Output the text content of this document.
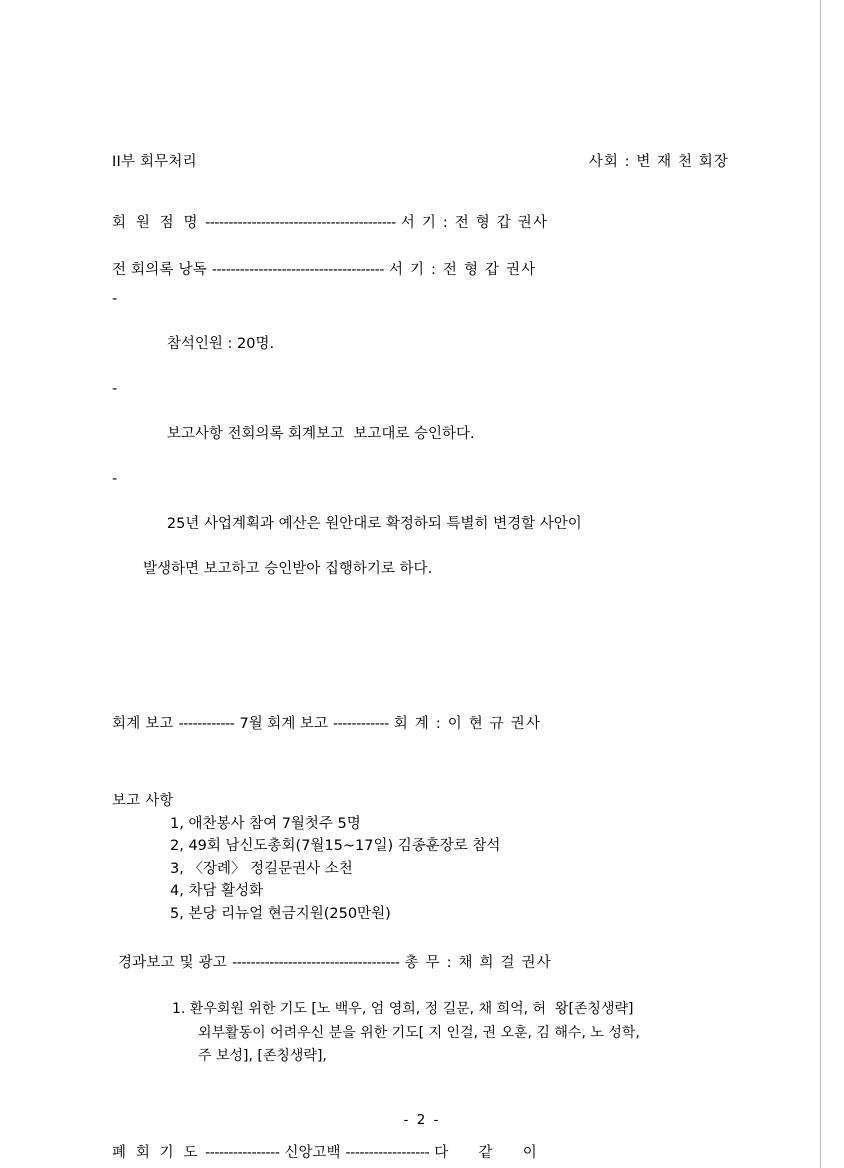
II부 회무처리	사회 : 변 재 천 회장
회 원 점 명 ----------------------------------------- 서 기 : 전 형 갑 권사
전 회의록 낭독 ------------------------------------- 서 기 : 전 형 갑 권사

-

참석인원 : 20명.

-

보고사항 전회의록 회계보고  보고대로 승인하다.

-

25년 사업계획과 예산은 원안대로 확정하되 특별히 변경할 사안이

발생하면 보고하고 승인받아 집행하기로 하다.

회계 보고 ------------ 7월 회계 보고 ------------ 회 계 : 이 현 규 권사
보고 사항
1, 애찬봉사 참여 7월첫주 5명
2, 49회 남신도총회(7월15~17일) 김종훈장로 참석
3, 〈장례〉 정길문권사 소천
4, 차담 활성화
5, 본당 리뉴얼 현금지원(250만원)
경과보고 및 광고 ------------------------------------ 총 무 : 채 희 걸 권사
1. 환우회원 위한 기도 [노 백우, 엄 영희, 정 길문, 채 희억, 허  왕[존칭생략]
외부활동이 어려우신 분을 위한 기도[ 지 인걸, 권 오훈, 김 해수, 노 성학,
주 보성], [존칭생략],
폐 회 기 도 ---------------- 신앙고백 ------------------ 다     같     이
- 2 -
